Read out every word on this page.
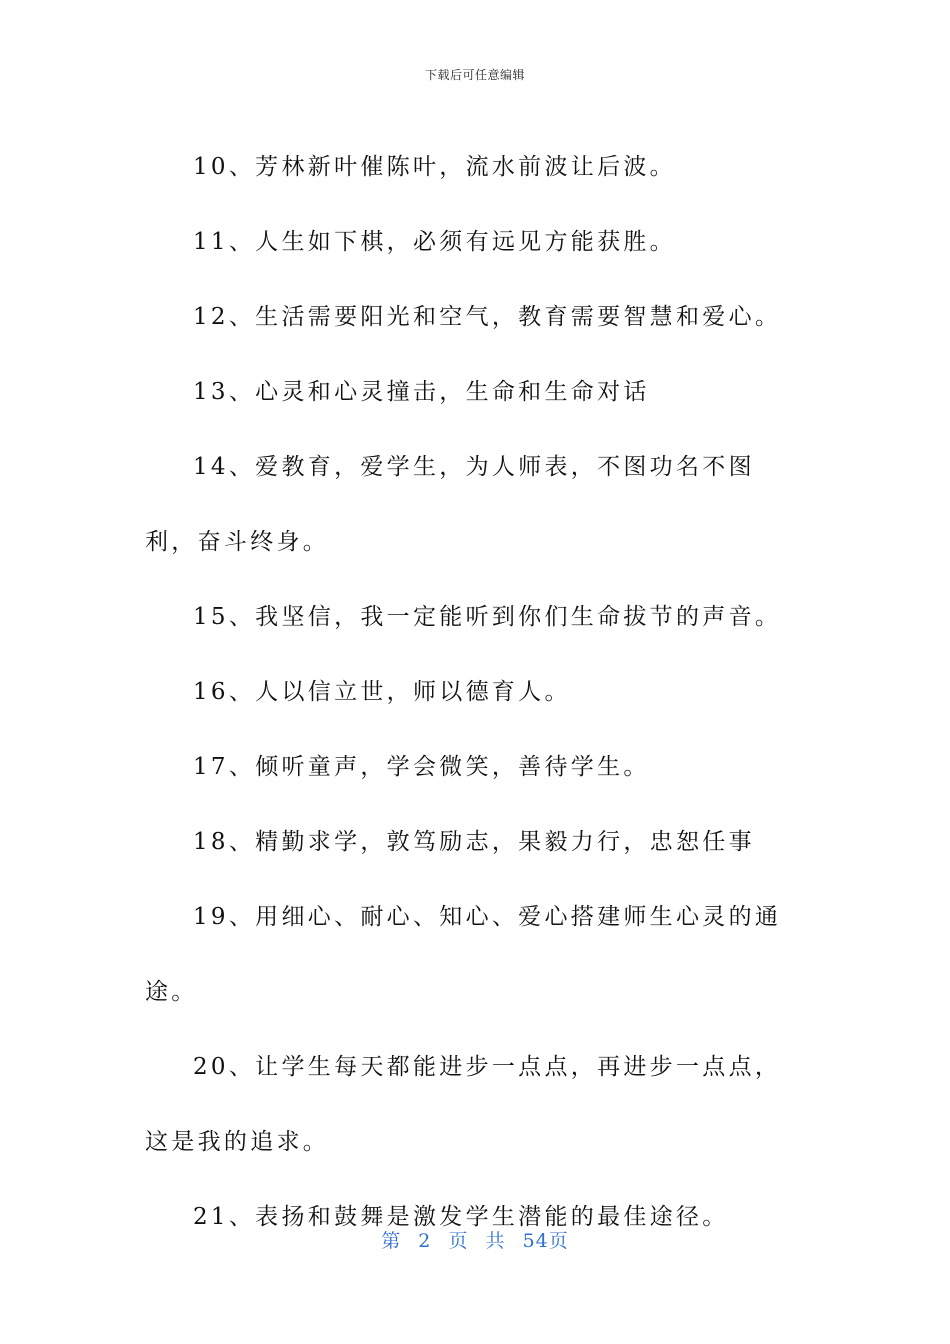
下载后可任意编辑

10、芳林新叶催陈叶，流水前波让后波。

11、人生如下棋，必须有远见方能获胜。

12、生活需要阳光和空气，教育需要智慧和爱心。

13、心灵和心灵撞击，生命和生命对话

14、爱教育，爱学生，为人师表，不图功名不图利，奋斗终身。

15、我坚信，我一定能听到你们生命拔节的声音。

16、人以信立世，师以德育人。

17、倾听童声，学会微笑，善待学生。

18、精勤求学，敦笃励志，果毅力行，忠恕任事

19、用细心、耐心、知心、爱心搭建师生心灵的通途。

20、让学生每天都能进步一点点，再进步一点点，这是我的追求。

21、表扬和鼓舞是激发学生潜能的最佳途径。

第 2 页 共 54页
